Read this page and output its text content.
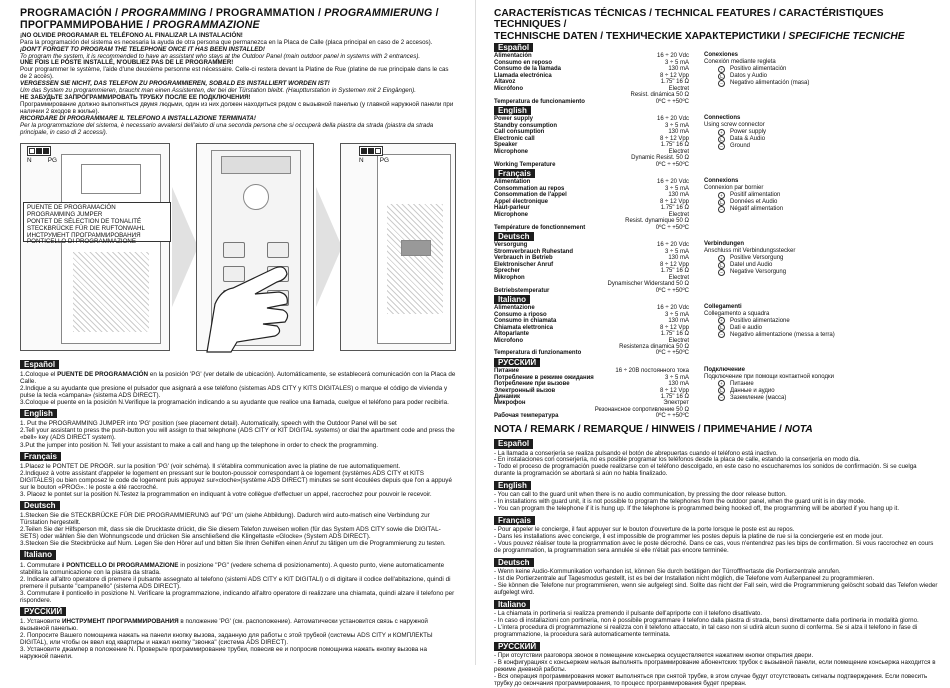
PROGRAMACIÓN / PROGRAMMING / PROGRAMMATION / PROGRAMMIERUNG /
ПРОГРАММИРОВАНИЕ / PROGRAMMAZIONE

¡NO OLVIDE PROGRAMAR EL TELÉFONO AL FINALIZAR LA INSTALACIÓN!

Para la programación del sistema es necesaria la ayuda de otra persona que permanezca en la Placa de Calle (placa principal en caso de 2 accesos).

¡DON'T FORGET TO PROGRAM THE TELEPHONE ONCE IT HAS BEEN INSTALLED!

To program the system, it is recommended to have an assistant who stays at the Outdoor Panel (main outdoor panel in systems with 2 entrances).

UNE FOIS LE POSTE INSTALLÉ, N'OUBLIEZ PAS DE LE PROGRAMMER!

Pour programmer le système, l'aide d'une deuxième personne est nécessaire. Celle-ci restera devant la Platine de Rue (platine de rue principale dans le cas de 2 accès).

VERGESSEN SIE NICHT, DAS TELEFON ZU PROGRAMMIEREN, SOBALD ES INSTALLIERT WORDEN IST!

Um das System zu programmieren, braucht man einen Assistenten, der bei der Türstation bleibt. (Hauptturstation in Systemen mit 2 Eingängen).

НЕ ЗАБУДЬТЕ ЗАПРОГРАММИРОВАТЬ ТРУБКУ ПОСЛЕ ЕЕ ПОДКЛЮЧЕНИЯ!

Программирование должно выполняться двумя людьми, один из них должен находиться рядом с вызывной панелью (у главной наружной панели при наличии 2 входов в жилье).

RICORDARE DI PROGRAMMARE IL TELEFONO A INSTALLAZIONE TERMINATA!

Per la programmazione del sistema, è necessario avvalersi dell'aiuto di una seconda persona che si occuperà della piastra da strada (piastra da strada principale, in caso di 2 accessi).

N	PG
PUENTE DE PROGRAMACIÓN
PROGRAMMING JUMPER
PONTET DE SÉLECTION DE TONALITÉ
STECKBRÜCKE FÜR DIE RUFTONWAHL
ИНСТРУМЕНТ ПРОГРАММИРОВАНИЯ
PONTICELLO DI PROGRAMMAZIONE
N	PG
Español

1.Coloque el PUENTE DE PROGRAMACIÓN en la posición 'PG' (ver detalle de ubicación). Automáticamente, se establecerá comunicación con la Placa de Calle.

2.Indique a su ayudante que presione el pulsador que asignará a ese teléfono (sistemas ADS CITY y KITS DIGITALES) o marque el código de vivienda y pulse la tecla «campana» (sistema ADS DIRECT).

3.Coloque el puente en la posición N.Verifique la programación indicando a su ayudante que realice una llamada, cuelgue el teléfono para poder recibirla.

English

1. Put the PROGRAMMING JUMPER into 'PG' position (see placement detail). Automatically, speech with the Outdoor Panel will be set

2.Tell your assistant to press the push-button you will assign to that telephone (ADS CITY or KIT DIGITAL systems) or dial the apartment code and press the «bell» key (ADS DIRECT system).

3.Put the jumper into position N. Tell your assistant to make a call and hang up the telephone in order to check the programming.

Français

1.Placez le PONTET DE PROGR. sur la position 'PG' (voir schéma). Il s'établira communication avec la platine de rue automatiquement.

2.Indiquez à votre assistant d'appeler le logement en pressant sur le bouton-poussoir correspondant à ce logement (systèmes ADS CITY et KITS DIGITALES) ou bien composez le code de logement puis appuyez sur«cloche»(système ADS DIRECT) minutes se sont écoulées depuis que l'on a appuyé sur le bouton «PROG».: le poste a été raccroché.

3. Placez le pontet sur la position N.Testez la programmation en indiquant à votre collègue d'effectuer un appel, raccrochez pour pouvoir le recevoir.

Deutsch

1.Stecken Sie die STECKBRÜCKE FÜR DIE PROGRAMMIERUNG auf 'PG' um (siehe Abbildung). Dadurch wird auto-matisch eine Verbindung zur Türstation hergestellt.

2.Teilen Sie der Hilfsperson mit, dass sie die Drucktaste drückt, die Sie diesem Telefon zuweisen wollen (für das System ADS CITY sowie die DIGITAL-SETS) oder wählen Sie den Wohnungscode und drücken Sie anschließend die Klingeltaste «Glocke» (System ADS DIRECT).

3.Stecken Sie die Steckbrücke auf Num. Legen Sie den Hörer auf und bitten Sie Ihren Gehilfen einen Anruf zu tätigen um die Programmierung zu testen.

Italiano

1. Commutare il PONTICELLO DI PROGRAMMAZIONE in posizione "PG" (vedere schema di posizionamento). A questo punto, viene automaticamente stabilita la comunicazione con la piastra da strada.

2. Indicare all'altro operatore di premere il pulsante assegnato al telefono (sistemi ADS CITY e KIT DIGITALI) o di digitare il codice dell'abitazione, quindi di premere il pulsante "campanello" (sistema ADS DIRECT).

3. Commutare il ponticello in posizione N. Verificare la programmazione, indicando all'altro operatore di realizzare una chiamata, quindi alzare il telefono per rispondere.

РУССКИЙ

1. Установите ИНСТРУМЕНТ ПРОГРАММИРОВАНИЯ в положение 'PG' (см. расположение). Автоматически установится связь с наружной вызывной панелью.

2. Попросите Вашего помощника нажать на панели кнопку вызова, заданную для работы с этой трубкой (системы ADS CITY и КОМПЛЕКТЫ DIGITAL), или чтобы он ввел код квартиры и нажал кнопку "звонка" (система ADS DIRECT).

3. Установите джампер в положение N. Проверьте программирование трубки, повесив ее и попросив помощника нажать кнопку вызова на наружной панели.

CARACTERÍSTICAS TÉCNICAS / TECHNICAL FEATURES / CARACTÉRISTIQUES TECHNIQUES /
TECHNISCHE DATEN / ТЕХНИЧЕСКИЕ ХАРАКТЕРИСТИКИ / SPECIFICHE TECNICHE
Español
Alimentación	16 ÷ 20 Vdc
Consumo en reposo	3 ÷ 5 mA
Consumo de la llamada	130 mA
Llamada electrónica	8 ÷ 12 Vpp
Altavoz	1.75" 16 Ω
Micrófono	Electret
Resist. dinámica 50 Ω
Temperatura de funcionamiento	0ºC ÷ +50ºC
Conexiones
Conexión mediante regleta
+	Positivo alimentación
L	Datos y Audio
–	Negativo alimentación (masa)
English
Power supply	16 ÷ 20 Vdc
Standby consumption	3 ÷ 5 mA
Call consumption	130 mA
Electronic call	8 ÷ 12 Vpp
Speaker	1.75" 16 Ω
Microphone	Electret
Dynamic Resist. 50 Ω
Working Temperature	0ºC ÷ +50ºC
Connections
Using screw connector
+	Power supply
L	Data & Audio
–	Ground
Français
Alimentation	16 ÷ 20 Vdc
Consommation au repos	3 ÷ 5 mA
Consommation de l'appel	130 mA
Appel électronique	8 ÷ 12 Vpp
Haut-parleur	1.75" 16 Ω
Microphone	Electret
Resist. dynamique 50 Ω
Température de fonctionnement	0ºC ÷ +50ºC
Connexions
Connexion par bornier
+	Positif alimentation
L	Données et Audio
–	Négatif alimentation
Deutsch
Versorgung	16 ÷ 20 Vdc
Stromverbrauch Ruhestand	3 ÷ 5 mA
Verbrauch in Betrieb	130 mA
Elektronischer Anruf	8 ÷ 12 Vpp
Sprecher	1.75" 16 Ω
Mikrophon	Electret
Dynamischer Widerstand 50 Ω
Betriebstemperatur	0ºC ÷ +50ºC
Verbindungen
Anschluss mit Verbindungsstecker
+	Positive Versorgung
L	Datel und Audio
–	Negative Versorgung
Italiano
Alimentazione	16 ÷ 20 Vdc
Consumo a riposo	3 ÷ 5 mA
Consumo in chiamata	130 mA
Chiamata elettronica	8 ÷ 12 Vpp
Altoparlante	1.75" 16 Ω
Microfono	Electret
Resistenza dinamica 50 Ω
Temperatura di funzionamento	0ºC ÷ +50ºC
Collegamenti
Collegamento a squadra
+	Positivo alimentazione
L	Dati e audio
–	Negativo alimentazione (messa a terra)
РУССКИЙ
Питание	16 ÷ 20В постоянного тока
Потребление в режиме ожидания	3 ÷ 5 mA
Потребление при вызове	130 mA
Электронный вызов	8 ÷ 12 Vpp
Динамик	1.75" 16 Ω
Микрофон	Электрет
Резонансное сопротивление 50 Ω
Рабочая температура	0ºC ÷ +50ºC
Подключение
Подключение при помощи контактной колодки
+	Питание
L	Данные и аудио
–	Заземление (масса)
NOTA / REMARK / REMARQUE / HINWEIS / ПРИМЕЧАНИЕ / NOTA
Español

- La llamada a conserjería se realiza pulsando el botón de abrepuertas cuando el teléfono está inactivo.

- En instalaciones con conserjería, no es posible programar los teléfonos desde la placa de calle, estando la conserjería en modo día.

- Todo el proceso de programación puede realizarse con el teléfono descolgado, en este caso no escucharemos los sonidos de confirmación. Si se cuelga durante la programación se abortará si aún no habla finalizado.

English

- You can call to the guard unit when there is no audio communication, by pressing the door release button.

- In installations with guard unit, it is not possible to program the telephones from the outdoor panel, when the guard unit is in day mode.

- You can program the telephone if it is hung up. If the telephone is programmed being hooked off, the programming will be aborted if you hang up it.

Français

- Pour appeler le concierge, il faut appuyer sur le bouton d'ouverture de la porte lorsque le poste est au repos.

- Dans les installations avec concierge, il est impossible de programmer les postes depuis la platine de rue si la conciergerie est en mode jour.

- Vous pouvez réaliser toute la programmation avec le poste décroché. Dans ce cas, vous n'entendrez pas les bips de confirmation. Si vous raccrochez en cours de programmation, la programmation sera annulée si elle n'était pas encore terminée.

Deutsch

- Wenn keine Audio-Kommunikation vorhanden ist, können Sie durch betätigen der Türrofffnertaste die Portierzentrale anrufen.

- Ist die Portierzentrale auf Tagesmodus gestellt, ist es bei der Installation nicht möglich, die Telefone vom Außenpaneel zu programmieren.

- Sie können die Telefone nur programmieren, wenn sie aufgelegt sind. Sollte das nicht der Fall sein, wird die Programmierung gelöscht sobald das Telefon wieder aufgelegt wird.

Italiano

- La chiamata in portineria si realizza premendo il pulsante dell'apriporte con il telefono disattivato.

- In caso di installazioni con portineria, non è possibile programmare il telefono dalla piastra di strada, bensì direttamente dalla portineria in modalità giorno.

- L'intera procedura di programmazione si realizza con il telefono attaccato, in tal caso non si udirà alcun suono di conferma. Se si alza il telefono in fase di programmazione, la procedura sarà automaticamente terminata.

РУССКИЙ

- При отсутствии разговора звонок в помещение консьержа осуществляется нажатием кнопки открытия двери.

- В конфигурациях с консьержем нельзя выполнять программирование абонентских трубок с вызывной панели, если помещение консьержа находится в режиме дневной работы.

- Вся операция программирования может выполняться при снятой трубке, в этом случае будут отсутствовать сигналы подтверждения. Если повесить трубку до окончания программирования, то процесс программирования будет прерван.
